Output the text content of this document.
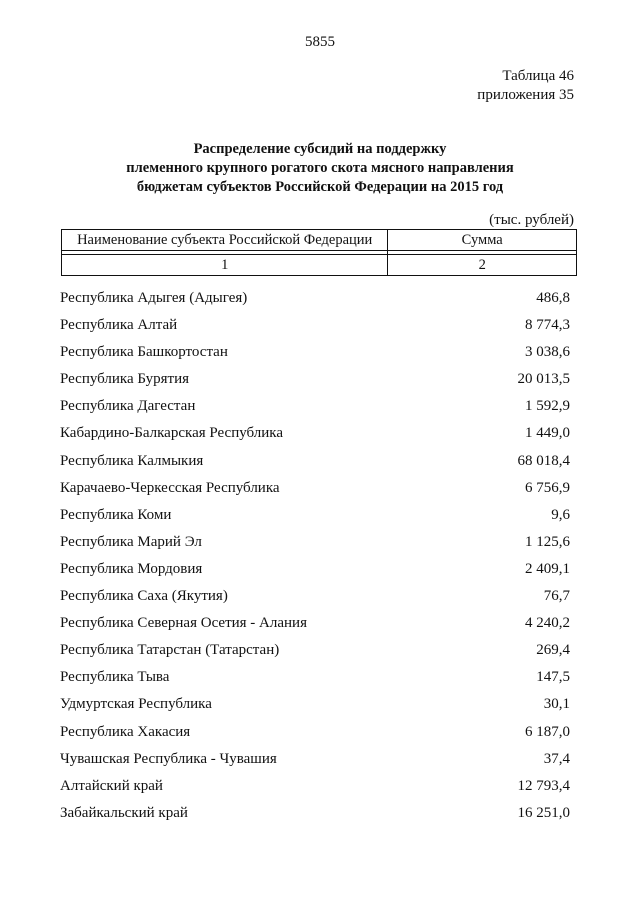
5855
Таблица 46
приложения 35
Распределение субсидий на поддержку
племенного крупного рогатого скота мясного направления
бюджетам субъектов Российской Федерации на 2015 год
(тыс. рублей)
Наименование субъекта Российской Федерации	Сумма

1	2
Республика Адыгея (Адыгея)	486,8
Республика Алтай	8 774,3
Республика Башкортостан	3 038,6
Республика Бурятия	20 013,5
Республика Дагестан	1 592,9
Кабардино-Балкарская Республика	1 449,0
Республика Калмыкия	68 018,4
Карачаево-Черкесская Республика	6 756,9
Республика Коми	9,6
Республика Марий Эл	1 125,6
Республика Мордовия	2 409,1
Республика Саха (Якутия)	76,7
Республика Северная Осетия - Алания	4 240,2
Республика Татарстан (Татарстан)	269,4
Республика Тыва	147,5
Удмуртская Республика	30,1
Республика Хакасия	6 187,0
Чувашская Республика - Чувашия	37,4
Алтайский край	12 793,4
Забайкальский край	16 251,0
